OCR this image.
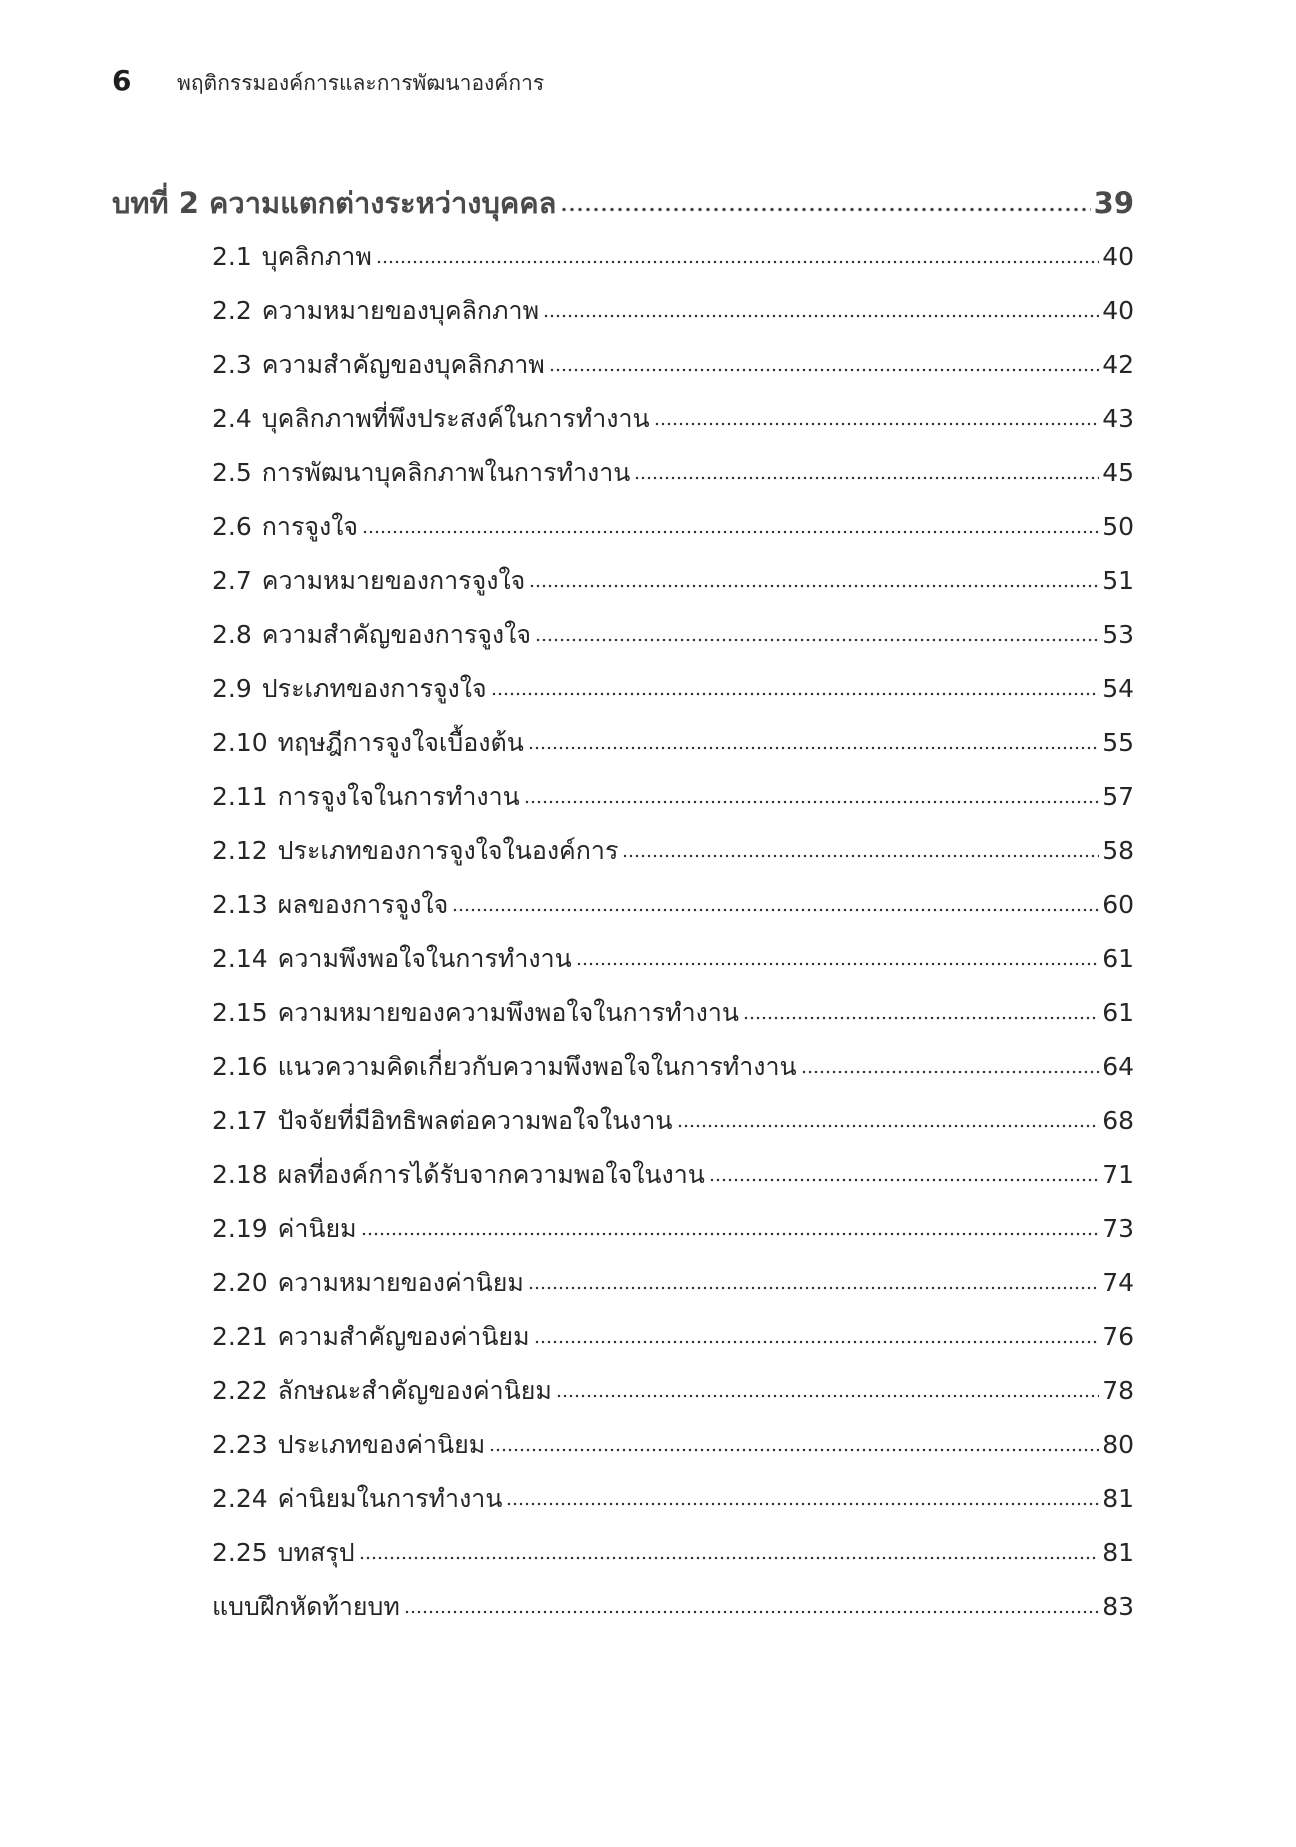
6	พฤติกรรมองค์การและการพัฒนาองค์การ
บทที่ 2 ความแตกต่างระหว่างบุคคล	39
2.1 บุคลิกภาพ	40
2.2 ความหมายของบุคลิกภาพ	40
2.3 ความสำคัญของบุคลิกภาพ	42
2.4 บุคลิกภาพที่พึงประสงค์ในการทำงาน	43
2.5 การพัฒนาบุคลิกภาพในการทำงาน	45
2.6 การจูงใจ	50
2.7 ความหมายของการจูงใจ	51
2.8 ความสำคัญของการจูงใจ	53
2.9 ประเภทของการจูงใจ	54
2.10 ทฤษฎีการจูงใจเบื้องต้น	55
2.11 การจูงใจในการทำงาน	57
2.12 ประเภทของการจูงใจในองค์การ	58
2.13 ผลของการจูงใจ	60
2.14 ความพึงพอใจในการทำงาน	61
2.15 ความหมายของความพึงพอใจในการทำงาน	61
2.16 แนวความคิดเกี่ยวกับความพึงพอใจในการทำงาน	64
2.17 ปัจจัยที่มีอิทธิพลต่อความพอใจในงาน	68
2.18 ผลที่องค์การได้รับจากความพอใจในงาน	71
2.19 ค่านิยม	73
2.20 ความหมายของค่านิยม	74
2.21 ความสำคัญของค่านิยม	76
2.22 ลักษณะสำคัญของค่านิยม	78
2.23 ประเภทของค่านิยม	80
2.24 ค่านิยมในการทำงาน	81
2.25 บทสรุป	81
แบบฝึกหัดท้ายบท	83
